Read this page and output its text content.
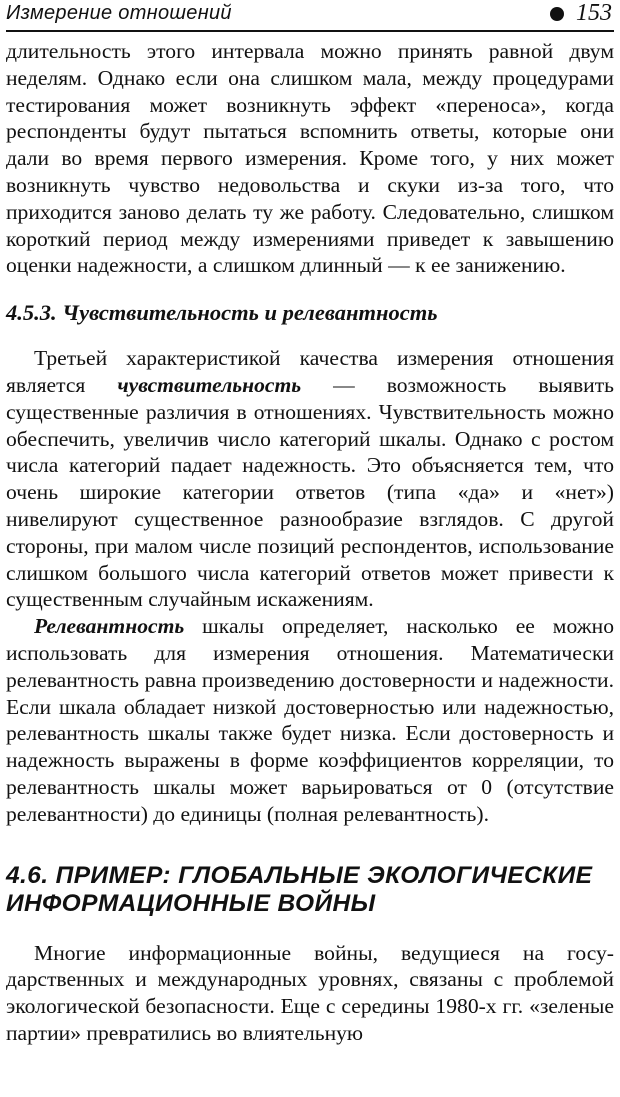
Измерение отношений	153

длительность этого интервала можно принять равной двум неделям. Однако если она слишком мала, между процедурами тестирования может возникнуть эффект «переноса», когда респонденты будут пытаться вспомнить ответы, которые они дали во время первого измерения. Кроме того, у них может возникнуть чувство недовольства и скуки из-за того, что приходится заново делать ту же работу. Следовательно, слишком короткий период между измерениями приведет к завышению оценки надежности, а слишком длинный — к ее занижению.

4.5.3. Чувствительность и релевантность

Третьей характеристикой качества измерения отношения является чувствительность — возможность выявить существенные различия в отношениях. Чувствительность можно обеспечить, увеличив число категорий шкалы. Однако с ростом числа категорий падает надежность. Это объясняется тем, что очень широкие категории ответов (типа «да» и «нет») нивелируют существенное разнообразие взглядов. С другой стороны, при малом числе позиций респондентов, использование слишком большого числа категорий ответов может привести к существенным случайным искажениям.

Релевантность шкалы определяет, насколько ее можно использовать для измерения отношения. Математически релевантность равна произведению достоверности и надежности. Если шкала обладает низкой достоверностью или надежностью, релевантность шкалы также будет низка. Если достоверность и надежность выражены в форме коэффициентов корреляции, то релевантность шкалы может варьироваться от 0 (отсутствие релевантности) до единицы (полная релевантность).

4.6. ПРИМЕР: ГЛОБАЛЬНЫЕ ЭКОЛОГИЧЕСКИЕ
ИНФОРМАЦИОННЫЕ ВОЙНЫ

Многие информационные войны, ведущиеся на государственных и международных уровнях, связаны с проблемой экологической безопасности. Еще с середины 1980-х гг. «зеленые партии» превратились во влиятельную
